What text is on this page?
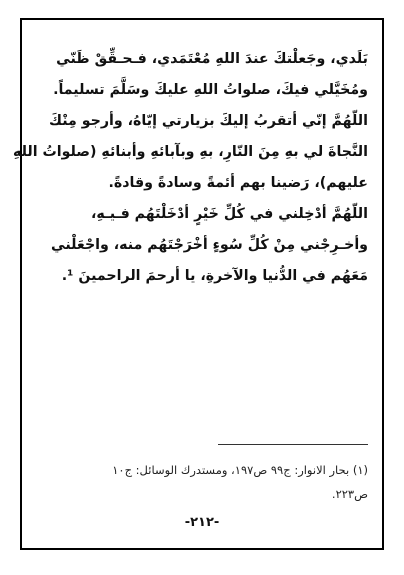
بَلَدي، وجَعلْتكَ عندَ اللهِ مُعْتَمَدي، فـحـقِّقْ ظَنّي
ومُخَيَّلي فيكَ، صلواتُ اللهِ عليكَ وسَلَّمَ تسليماً.
اللّهُمَّ إنّي أتقربُ إليكَ بزيارتي إيّاهُ، وأرجو مِنْكَ
النَّجاةَ لي بهِ مِنَ النّارِ، بهِ وبآبائهِ وأبنائهِ (صلواتُ اللهِ
عليهم)، رَضينا بهم أئمةً وسادةً وقادةً.
اللّهُمَّ أدْخِلني في كُلِّ خَيْرٍ أدْخَلْتَهُم فـيـهِ،
وأخـرِجْني مِنْ كُلِّ سُوءٍ أخْرَجْتَهُم منه، واجْعَلْني
مَعَهُم في الدُّنيا والآخرةِ، يا أرحمَ الراحمينَ ¹.

(١) بحار الانوار: ج٩٩ ص١٩٧، ومستدرك الوسائل: ج١٠
ص٢٢٣.
-٢١٢-
